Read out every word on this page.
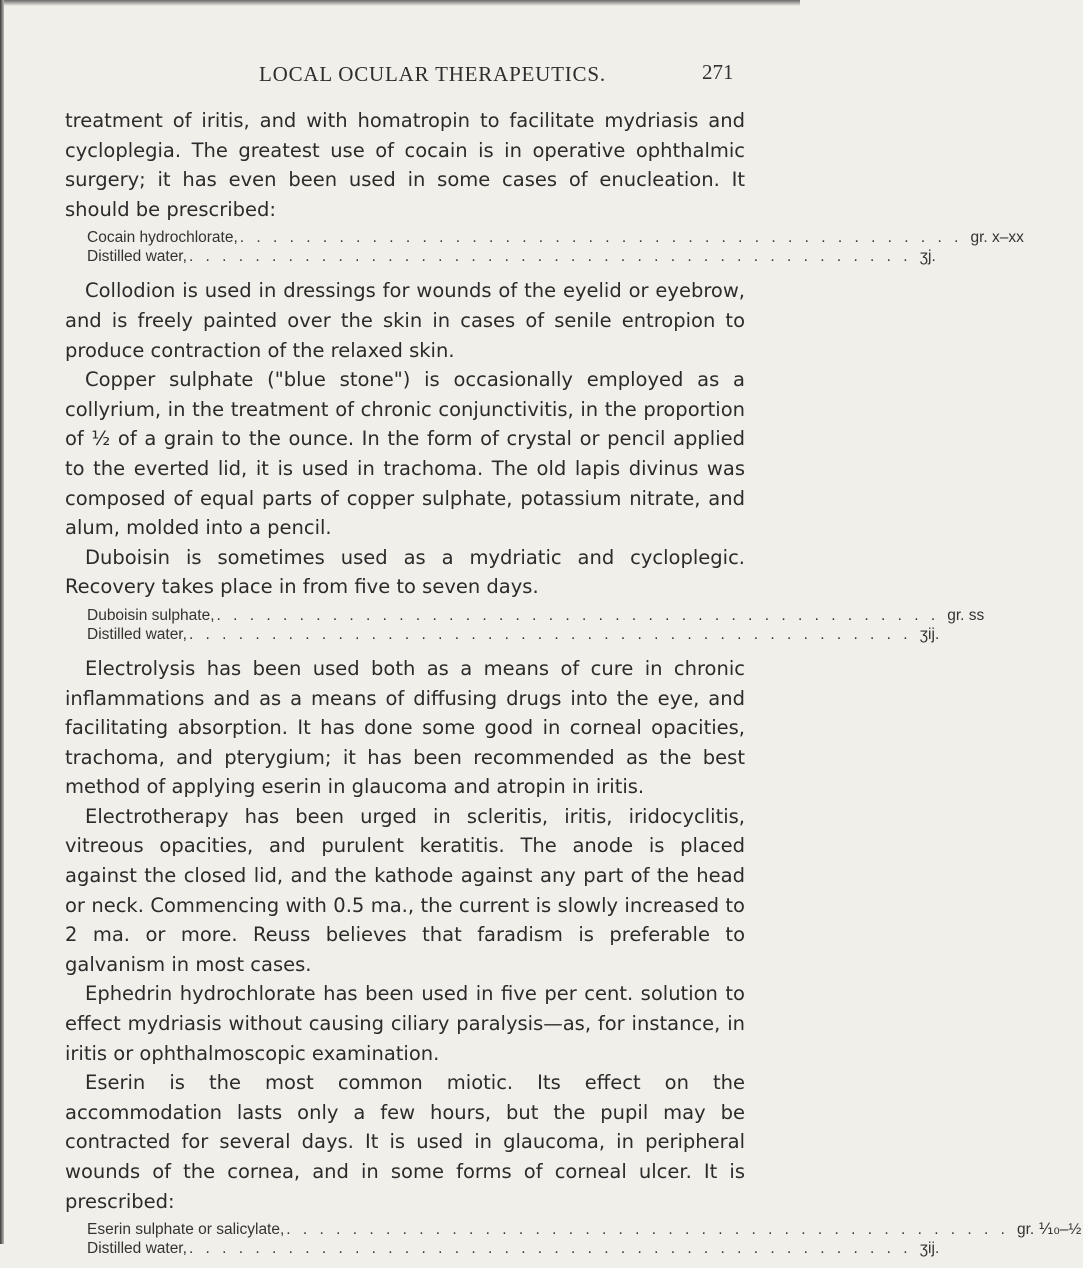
LOCAL OCULAR THERAPEUTICS.	271

treatment of iritis, and with homatropin to facilitate mydriasis and cycloplegia. The greatest use of cocain is in operative ophthalmic surgery; it has even been used in some cases of enucleation. It should be prescribed:

Cocain hydrochlorate, . . . . . . . . . . . . . . . . . . . . . . . . . . . . . . . . . . . . . . . . . . . . gr. x–xx
Distilled water, . . . . . . . . . . . . . . . . . . . . . . . . . . . . . . . . . . . . . . . . . . . . ʒj.

Collodion is used in dressings for wounds of the eyelid or eyebrow, and is freely painted over the skin in cases of senile entropion to produce contraction of the relaxed skin.

Copper sulphate ("blue stone") is occasionally employed as a collyrium, in the treatment of chronic conjunctivitis, in the proportion of ½ of a grain to the ounce. In the form of crystal or pencil applied to the everted lid, it is used in trachoma. The old lapis divinus was composed of equal parts of copper sulphate, potassium nitrate, and alum, molded into a pencil.

Duboisin is sometimes used as a mydriatic and cycloplegic. Recovery takes place in from five to seven days.

Duboisin sulphate, . . . . . . . . . . . . . . . . . . . . . . . . . . . . . . . . . . . . . . . . . . . . gr. ss
Distilled water, . . . . . . . . . . . . . . . . . . . . . . . . . . . . . . . . . . . . . . . . . . . . ʒij.

Electrolysis has been used both as a means of cure in chronic inflammations and as a means of diffusing drugs into the eye, and facilitating absorption. It has done some good in corneal opacities, trachoma, and pterygium; it has been recommended as the best method of applying eserin in glaucoma and atropin in iritis.

Electrotherapy has been urged in scleritis, iritis, iridocyclitis, vitreous opacities, and purulent keratitis. The anode is placed against the closed lid, and the kathode against any part of the head or neck. Commencing with 0.5 ma., the current is slowly increased to 2 ma. or more. Reuss believes that faradism is preferable to galvanism in most cases.

Ephedrin hydrochlorate has been used in five per cent. solution to effect mydriasis without causing ciliary paralysis—as, for instance, in iritis or ophthalmoscopic examination.

Eserin is the most common miotic. Its effect on the accommodation lasts only a few hours, but the pupil may be contracted for several days. It is used in glaucoma, in peripheral wounds of the cornea, and in some forms of corneal ulcer. It is prescribed:

Eserin sulphate or salicylate, . . . . . . . . . . . . . . . . . . . . . . . . . . . . . . . . . . . . . . . . . . . . gr. ⅒–½
Distilled water, . . . . . . . . . . . . . . . . . . . . . . . . . . . . . . . . . . . . . . . . . . . . ʒij.
